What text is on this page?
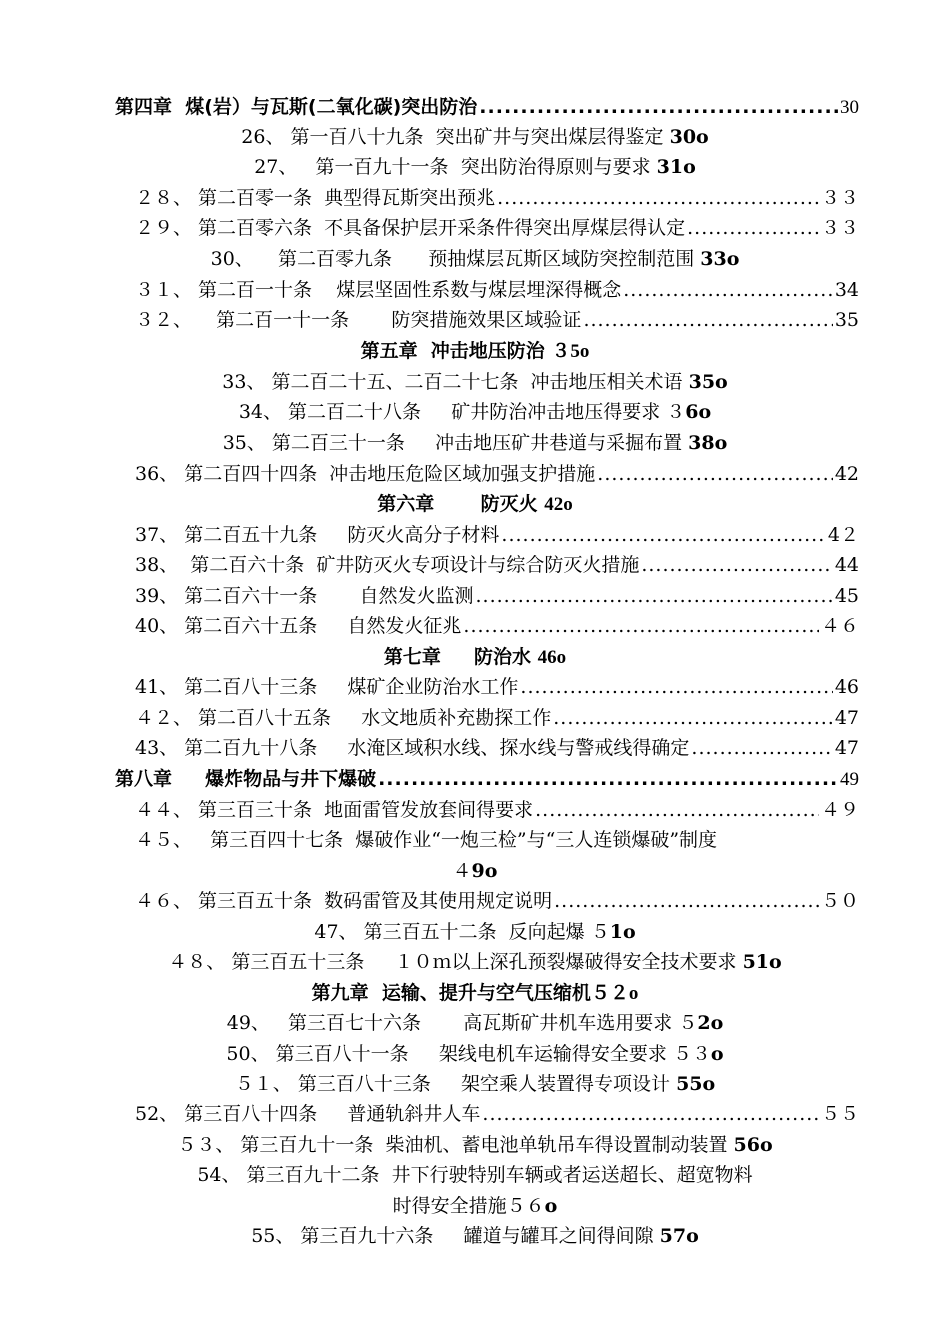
第四章  煤(岩）与瓦斯(二氧化碳)突出防治 .....	30
26、 第一百八十九条  突出矿井与突出煤层得鉴定 30o
27、   第一百九十一条  突出防治得原则与要求 31o
２８、 第二百零一条  典型得瓦斯突出预兆 .....	３３
２９、 第二百零六条  不具备保护层开采条件得突出厚煤层得认定 .....	３３
30、    第二百零九条      预抽煤层瓦斯区域防突控制范围 33o
３１、 第二百一十条    煤层坚固性系数与煤层埋深得概念 .....	34
３２、    第二百一十一条       防突措施效果区域验证 .....	35
第五章  冲击地压防治 ３ 5o
33、 第二百二十五、二百二十七条  冲击地压相关术语 35o
34、 第二百二十八条     矿井防治冲击地压得要求 ３ 6o
35、 第二百三十一条     冲击地压矿井巷道与采掘布置 38o
36、 第二百四十四条  冲击地压危险区域加强支护措施 .....	42
第六章       防灭火 42o
37、 第二百五十九条     防灭火高分子材料 .....	4２
38、  第二百六十条  矿井防灭火专项设计与综合防灭火措施 .....	44
39、 第二百六十一条       自然发火监测 .....	45
40、 第二百六十五条     自然发火征兆 .....	４６
第七章     防治水 46o
41、 第二百八十三条     煤矿企业防治水工作 .....	46
４２、 第二百八十五条     水文地质补充勘探工作 .....	47
43、 第二百九十八条     水淹区域积水线、探水线与警戒线得确定 .....	47
第八章     爆炸物品与井下爆破 .....	49
４４、 第三百三十条  地面雷管发放套间得要求 .....	４９
４５、   第三百四十七条  爆破作业“一炮三检”与“三人连锁爆破”制度
４ 9o
４６、 第三百五十条  数码雷管及其使用规定说明 .....	５０
47、 第三百五十二条  反向起爆 ５ 1o
４８、 第三百五十三条     １０ｍ以上深孔预裂爆破得安全技术要求 51o
第九章  运输、提升与空气压缩机５２ o
49、   第三百七十六条       高瓦斯矿井机车选用要求 ５ 2o
50、 第三百八十一条     架线电机车运输得安全要求 ５３ o
５１、 第三百八十三条     架空乘人装置得专项设计 55o
52、 第三百八十四条     普通轨斜井人车 .....	５５
５３、 第三百九十一条  柴油机、蓄电池单轨吊车得设置制动装置 56o
54、 第三百九十二条  井下行驶特别车辆或者运送超长、超宽物料
时得安全措施５６ o
55、 第三百九十六条     罐道与罐耳之间得间隙 57o
